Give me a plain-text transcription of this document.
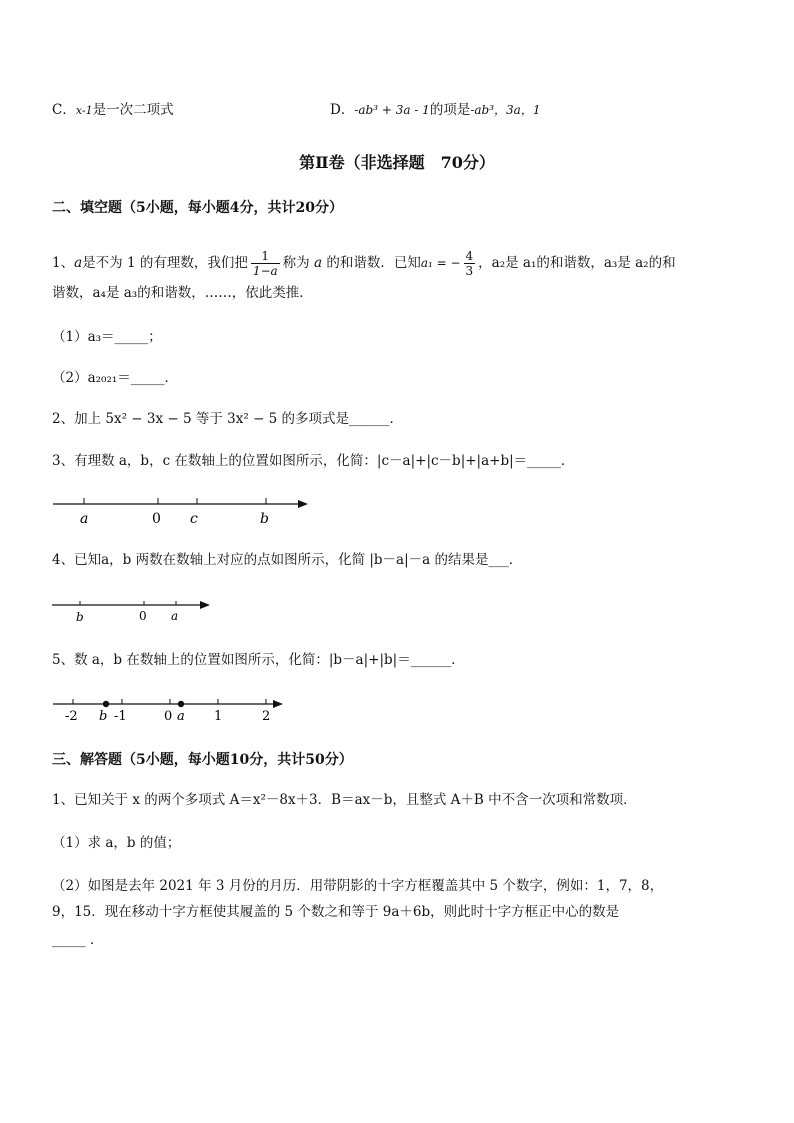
C．x-1是一次二项式	D．-ab³ + 3a - 1的项是-ab³，3a，1
第Ⅱ卷（非选择题　70分）
二、填空题（5小题，每小题4分，共计20分）
1、a是不为 1 的有理数，我们把 $\frac{1}{1-a}$ 称为 a 的和谐数．已知a₁ = − $\frac{4}{3}$ ，a₂是 a₁的和谐数，a₃是 a₂的和
谐数，a₄是 a₃的和谐数，……，依此类推．
（1）a₃＝_____；
（2）a₂₀₂₁＝_____．
2、加上 5x² − 3x − 5 等于 3x² − 5 的多项式是______．
3、有理数 a，b，c 在数轴上的位置如图所示，化简：|c－a|+|c－b|+|a+b|＝_____．
a	0 c	b
4、已知a，b 两数在数轴上对应的点如图所示，化简 |b－a|－a 的结果是___．
b	0 a
5、数 a，b 在数轴上的位置如图所示，化简：|b－a|+|b|＝______．
-2 b -1	0 a 1	2
三、解答题（5小题，每小题10分，共计50分）
1、已知关于 x 的两个多项式 A＝x²－8x＋3．B＝ax－b，且整式 A＋B 中不含一次项和常数项．
（1）求 a，b 的值；
（2）如图是去年 2021 年 3 月份的月历．用带阴影的十字方框覆盖其中 5 个数字，例如：1，7，8，
9，15．现在移动十字方框使其履盖的 5 个数之和等于 9a＋6b，则此时十字方框正中心的数是
_____ ．
